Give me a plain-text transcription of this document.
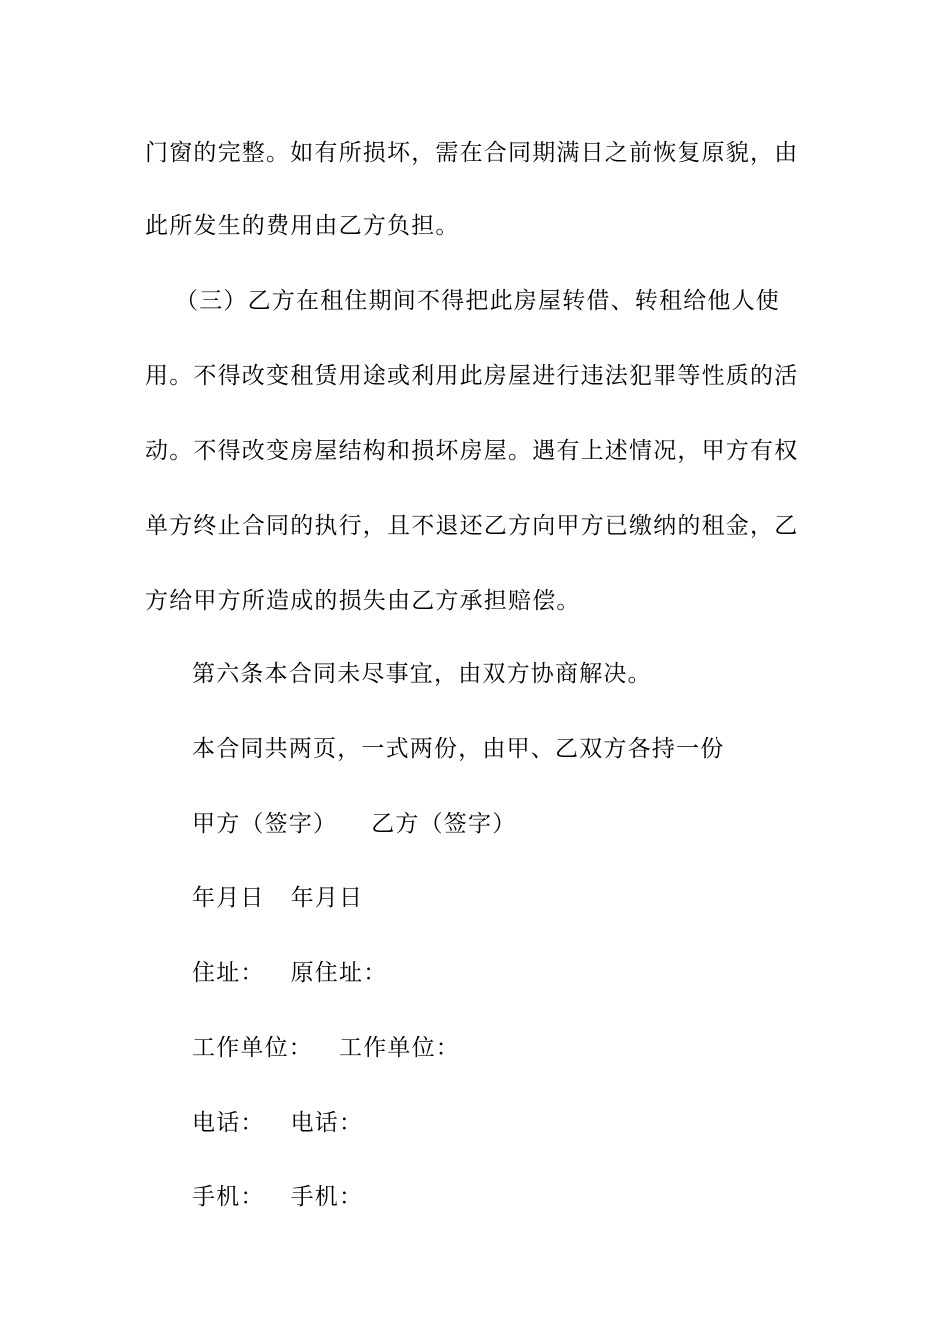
门窗的完整。如有所损坏，需在合同期满日之前恢复原貌，由
此所发生的费用由乙方负担。
（三）乙方在租住期间不得把此房屋转借、转租给他人使
用。不得改变租赁用途或利用此房屋进行违法犯罪等性质的活
动。不得改变房屋结构和损坏房屋。遇有上述情况，甲方有权
单方终止合同的执行，且不退还乙方向甲方已缴纳的租金，乙
方给甲方所造成的损失由乙方承担赔偿。
第六条本合同未尽事宜，由双方协商解决。
本合同共两页，一式两份，由甲、乙双方各持一份
甲方（签字） 乙方（签字）
年月日 年月日
住址： 原住址：
工作单位： 工作单位：
电话： 电话：
手机： 手机：
